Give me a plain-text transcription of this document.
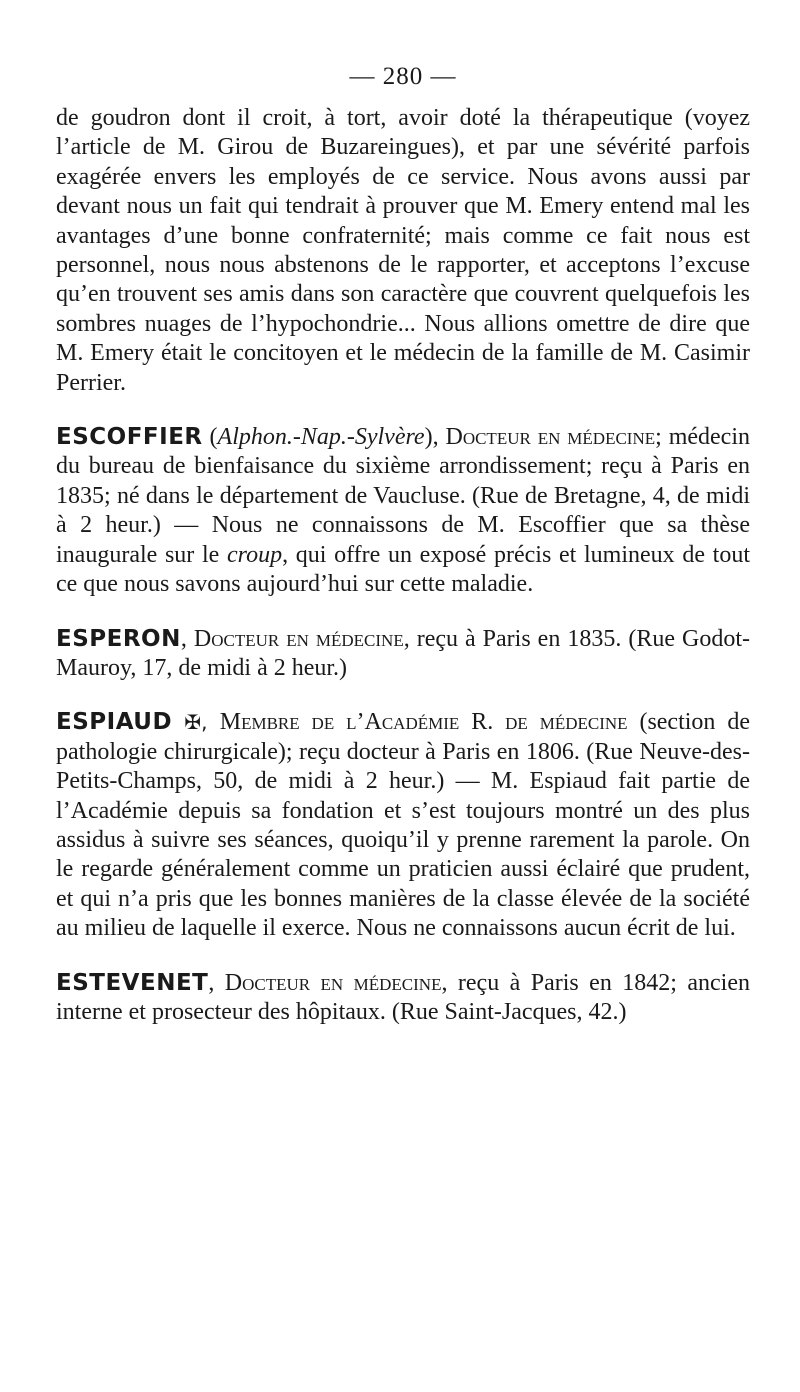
— 280 —

de goudron dont il croit, à tort, avoir doté la thérapeutique (voyez l’article de M. Girou de Buzareingues), et par une sévérité parfois exagérée envers les employés de ce service. Nous avons aussi par devant nous un fait qui tendrait à prouver que M. Emery entend mal les avantages d’une bonne confraternité; mais comme ce fait nous est personnel, nous nous abstenons de le rapporter, et acceptons l’excuse qu’en trouvent ses amis dans son caractère que couvrent quelquefois les sombres nuages de l’hypochondrie... Nous allions omettre de dire que M. Emery était le concitoyen et le médecin de la famille de M. Casimir Perrier.

ESCOFFIER (Alphon.-Nap.-Sylvère), Docteur en médecine; médecin du bureau de bienfaisance du sixième arrondissement; reçu à Paris en 1835; né dans le département de Vaucluse. (Rue de Bretagne, 4, de midi à 2 heur.) — Nous ne connaissons de M. Escoffier que sa thèse inaugurale sur le croup, qui offre un exposé précis et lumineux de tout ce que nous savons aujourd’hui sur cette maladie.

ESPERON, Docteur en médecine, reçu à Paris en 1835. (Rue Godot-Mauroy, 17, de midi à 2 heur.)

ESPIAUD ✠, Membre de l’Académie R. de médecine (section de pathologie chirurgicale); reçu docteur à Paris en 1806. (Rue Neuve-des-Petits-Champs, 50, de midi à 2 heur.) — M. Espiaud fait partie de l’Académie depuis sa fondation et s’est toujours montré un des plus assidus à suivre ses séances, quoiqu’il y prenne rarement la parole. On le regarde généralement comme un praticien aussi éclairé que prudent, et qui n’a pris que les bonnes manières de la classe élevée de la société au milieu de laquelle il exerce. Nous ne connaissons aucun écrit de lui.

ESTEVENET, Docteur en médecine, reçu à Paris en 1842; ancien interne et prosecteur des hôpitaux. (Rue Saint-Jacques, 42.)
